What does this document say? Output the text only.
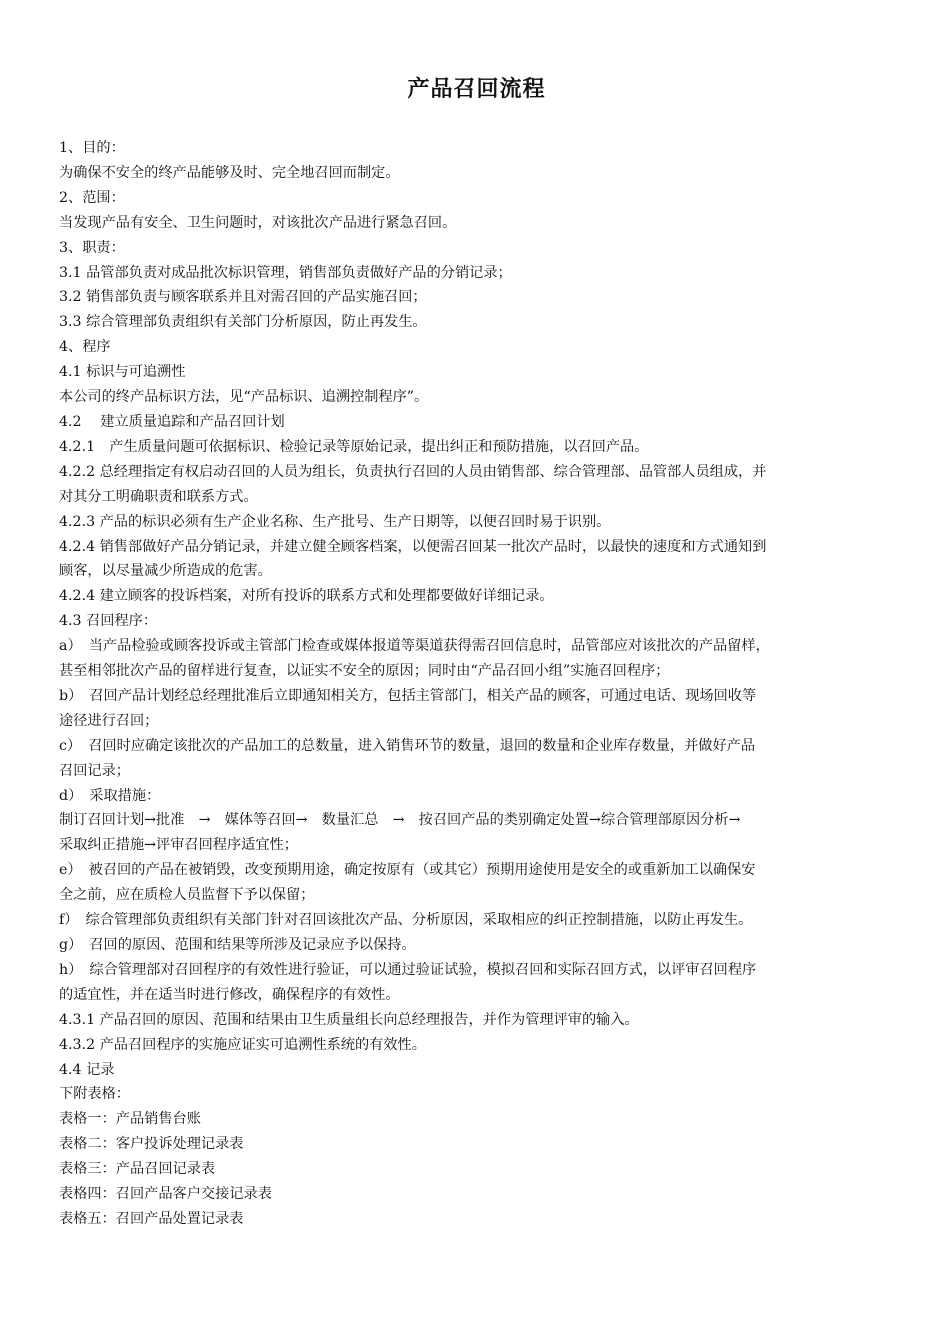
产品召回流程
1、目的：
为确保不安全的终产品能够及时、完全地召回而制定。
2、范围：
当发现产品有安全、卫生问题时，对该批次产品进行紧急召回。
3、职责：
3.1 品管部负责对成品批次标识管理，销售部负责做好产品的分销记录；
3.2 销售部负责与顾客联系并且对需召回的产品实施召回；
3.3 综合管理部负责组织有关部门分析原因，防止再发生。
4、程序
4.1 标识与可追溯性
本公司的终产品标识方法，见“产品标识、追溯控制程序”。
4.2　 建立质量追踪和产品召回计划
4.2.1　产生质量问题可依据标识、检验记录等原始记录，提出纠正和预防措施，以召回产品。
4.2.2 总经理指定有权启动召回的人员为组长，负责执行召回的人员由销售部、综合管理部、品管部人员组成，并
对其分工明确职责和联系方式。
4.2.3 产品的标识必须有生产企业名称、生产批号、生产日期等，以便召回时易于识别。
4.2.4 销售部做好产品分销记录，并建立健全顾客档案，以便需召回某一批次产品时，以最快的速度和方式通知到
顾客，以尽量减少所造成的危害。
4.2.4 建立顾客的投诉档案，对所有投诉的联系方式和处理都要做好详细记录。
4.3 召回程序：
a）　当产品检验或顾客投诉或主管部门检查或媒体报道等渠道获得需召回信息时，品管部应对该批次的产品留样，
甚至相邻批次产品的留样进行复查，以证实不安全的原因；同时由“产品召回小组”实施召回程序；
b）　召回产品计划经总经理批准后立即通知相关方，包括主管部门，相关产品的顾客，可通过电话、现场回收等
途径进行召回；
c）　召回时应确定该批次的产品加工的总数量，进入销售环节的数量，退回的数量和企业库存数量，并做好产品
召回记录；
d）　采取措施：
制订召回计划→批准　→　媒体等召回→　数量汇总　→　按召回产品的类别确定处置→综合管理部原因分析→
采取纠正措施→评审召回程序适宜性；
e）　被召回的产品在被销毁，改变预期用途，确定按原有（或其它）预期用途使用是安全的或重新加工以确保安
全之前，应在质检人员监督下予以保留；
f）　综合管理部负责组织有关部门针对召回该批次产品、分析原因，采取相应的纠正控制措施，以防止再发生。
g）　召回的原因、范围和结果等所涉及记录应予以保持。
h）　综合管理部对召回程序的有效性进行验证，可以通过验证试验，模拟召回和实际召回方式，以评审召回程序
的适宜性，并在适当时进行修改，确保程序的有效性。
4.3.1 产品召回的原因、范围和结果由卫生质量组长向总经理报告，并作为管理评审的输入。
4.3.2 产品召回程序的实施应证实可追溯性系统的有效性。
4.4 记录
下附表格：
表格一：产品销售台账
表格二：客户投诉处理记录表
表格三：产品召回记录表
表格四：召回产品客户交接记录表
表格五：召回产品处置记录表
